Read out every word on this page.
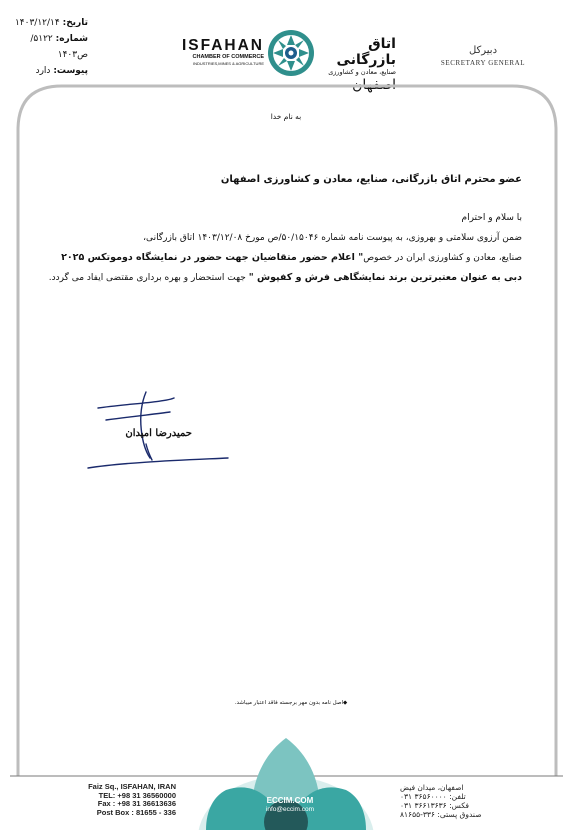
تاریخ: ۱۴۰۳/۱۲/۱۴
شماره: ۵۱۲۲/ص۱۴۰۳
پیوست: دارد
ISFAHAN
CHAMBER OF COMMERCE
INDUSTRIES,MINES & AGRICULTURE
اتاق بازرگانی
صنایع، معادن و کشاورزی
اصفهان
دبیرکل
SECRETARY GENERAL
به نام خدا
عضو محترم اتاق بازرگانی، صنایع، معادن و کشاورزی اصفهان
با سلام و احترام
ضمن آرزوی سلامتی و بهروزی، به پیوست نامه شماره ۵۰/۱۵۰۴۶/ص مورخ ۱۴۰۳/۱۲/۰۸ اتاق بازرگانی،
صنایع، معادن و کشاورزی ایران در خصوص" اعلام حضور متقاضیان جهت حضور در نمایشگاه دوموتکس ۲۰۲۵
دبی به عنوان معتبرترین برند نمایشگاهی فرش و کفپوش " جهت استحضار و بهره برداری مقتضی ایفاد می گردد.
حمیدرضا امیدان
◆اصل نامه بدون مهر برجسته فاقد اعتبار میباشد.
ECCIM.COM
info@eccim.com
Faiz Sq., ISFAHAN, IRAN
TEL: +98 31 36560000
Fax : +98 31 36613636
Post Box : 81655 - 336
اصفهان، میدان فیض
تلفن: ۳۶۵۶۰۰۰۰ ۰۳۱
فکس: ۳۶۶۱۳۶۳۶ ۰۳۱
صندوق پستی: ۳۳۶-۸۱۶۵۵
